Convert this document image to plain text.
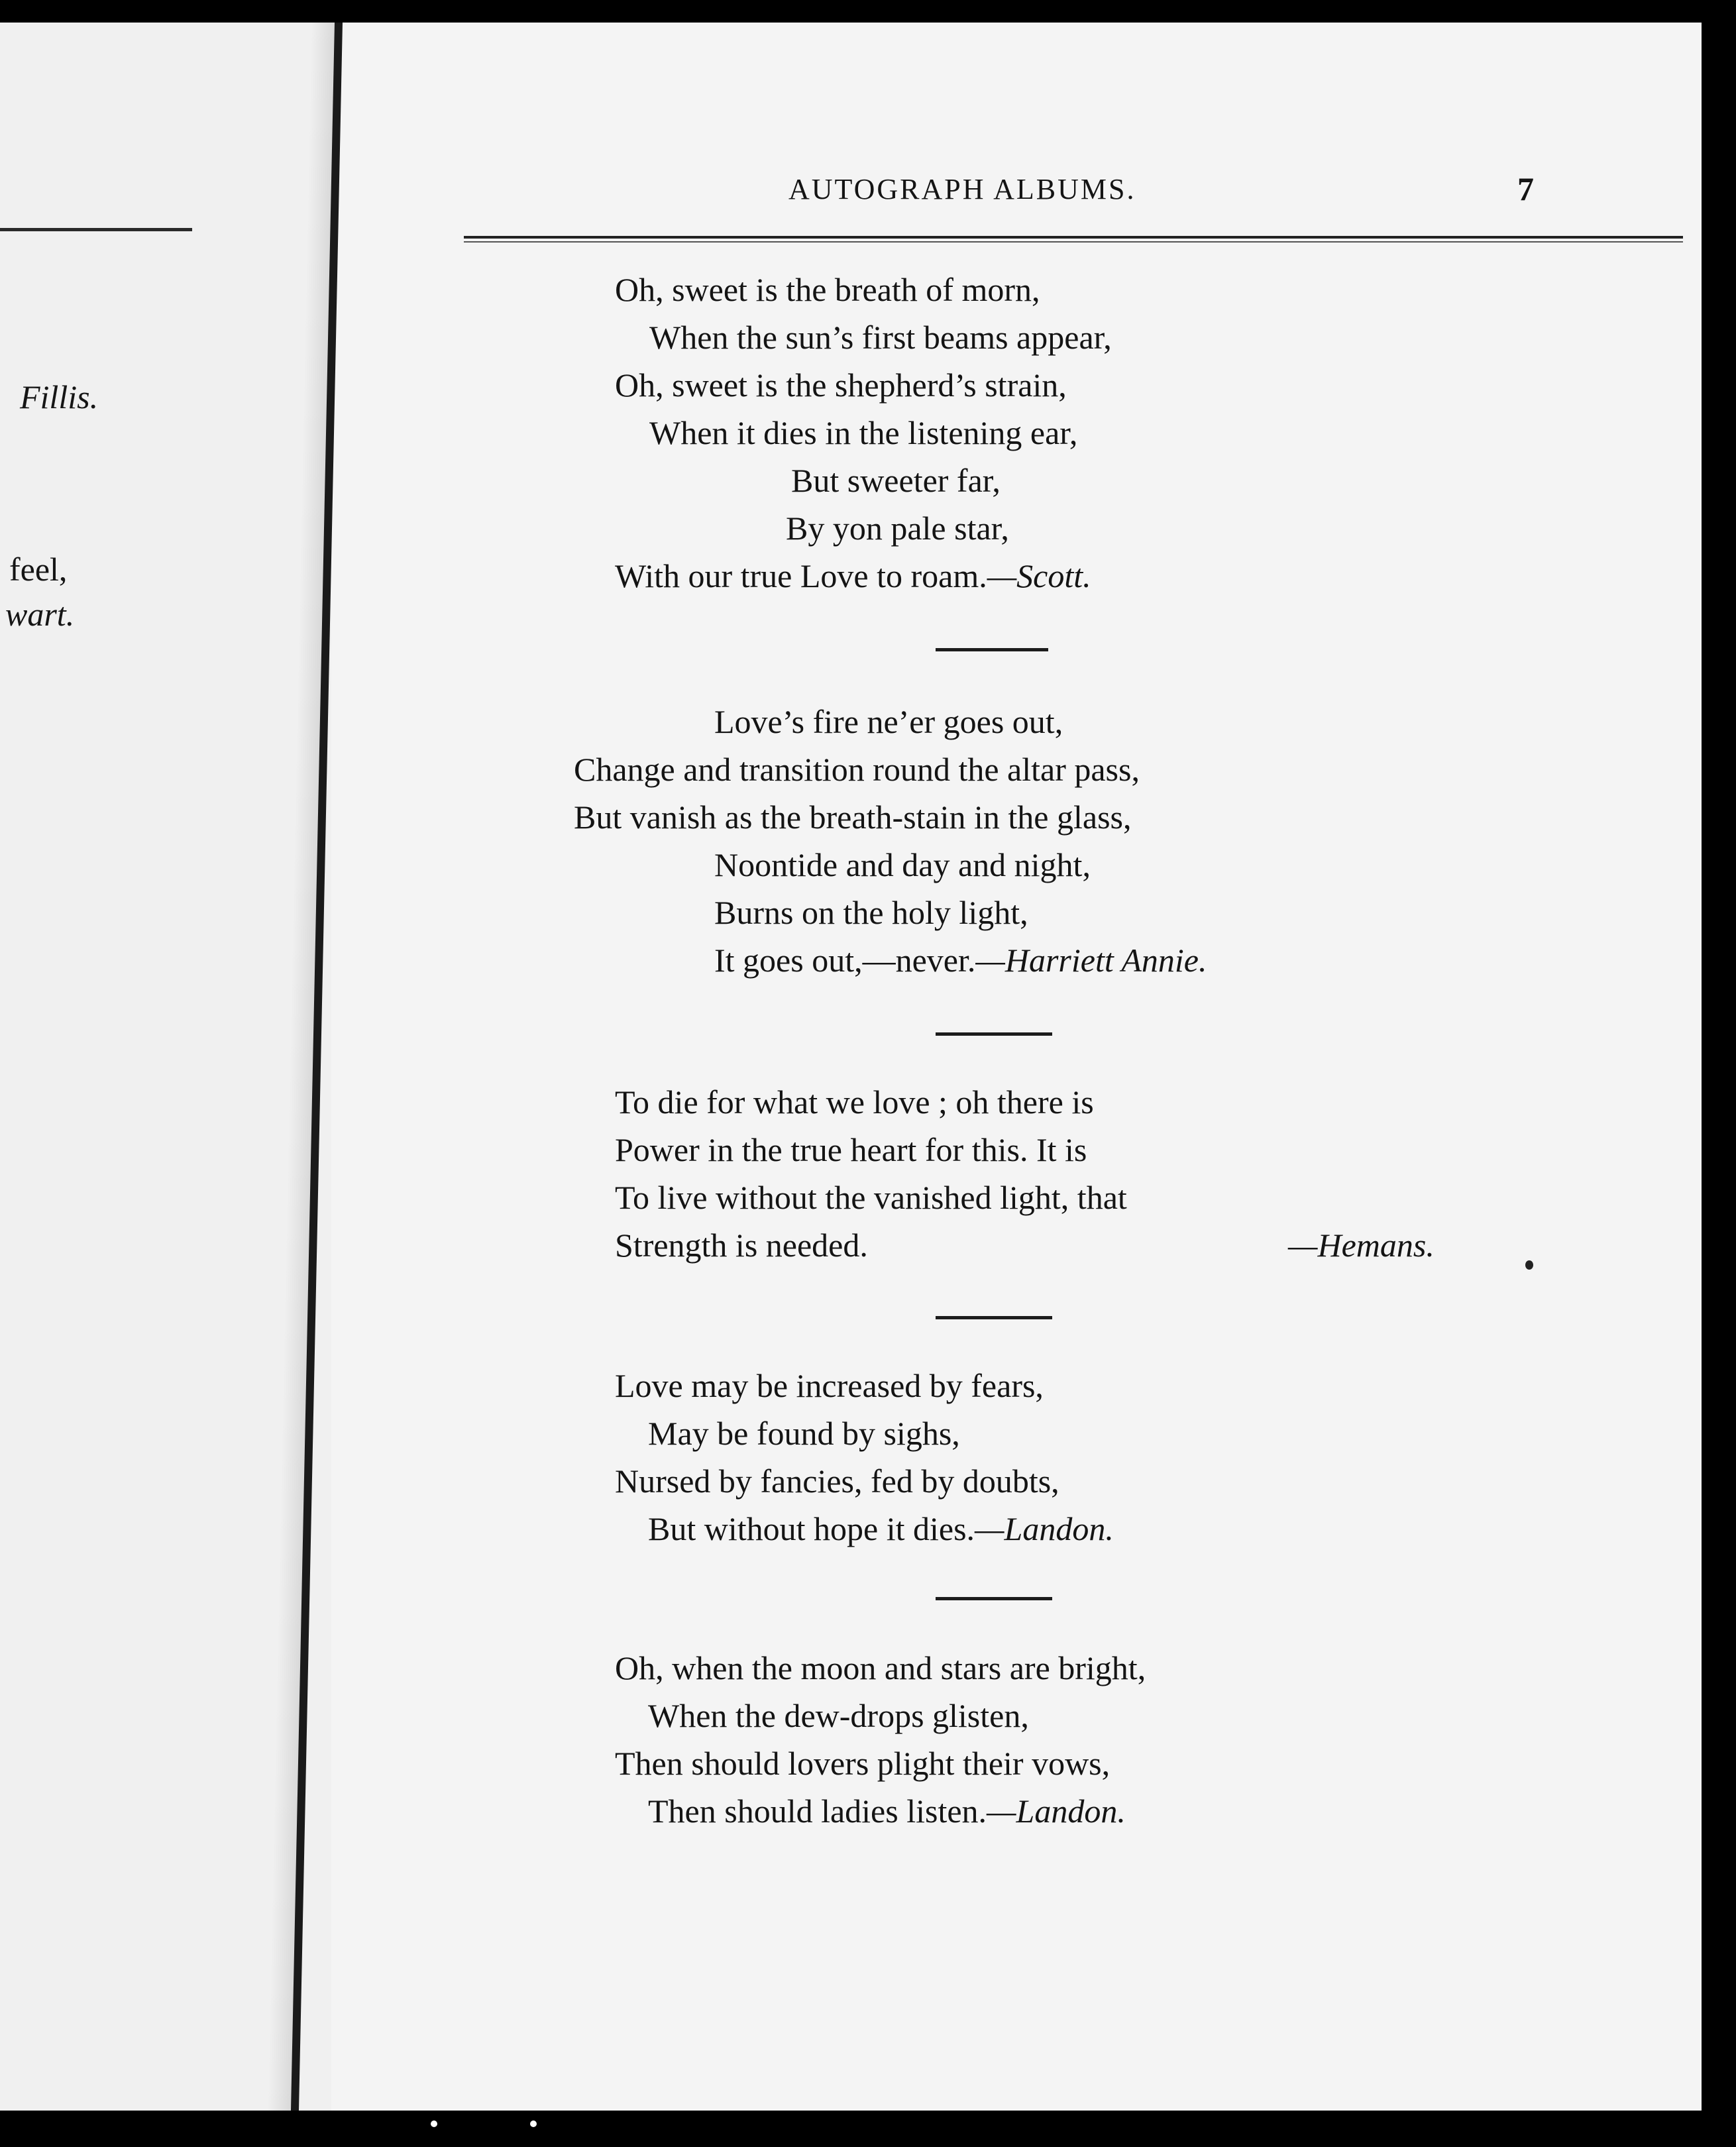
Fillis.
feel,
wart.
AUTOGRAPH ALBUMS.	7
Oh, sweet is the breath of morn,
When the sun’s first beams appear,
Oh, sweet is the shepherd’s strain,
When it dies in the listening ear,
But sweeter far,
By yon pale star,
With our true Love to roam.—Scott.
Love’s fire ne’er goes out,
Change and transition round the altar pass,
But vanish as the breath-stain in the glass,
Noontide and day and night,
Burns on the holy light,
It goes out,—never.—Harriett Annie.
To die for what we love ; oh there is
Power in the true heart for this. It is
To live without the vanished light, that
Strength is needed.	—Hemans.
Love may be increased by fears,
May be found by sighs,
Nursed by fancies, fed by doubts,
But without hope it dies.—Landon.
Oh, when the moon and stars are bright,
When the dew-drops glisten,
Then should lovers plight their vows,
Then should ladies listen.—Landon.
